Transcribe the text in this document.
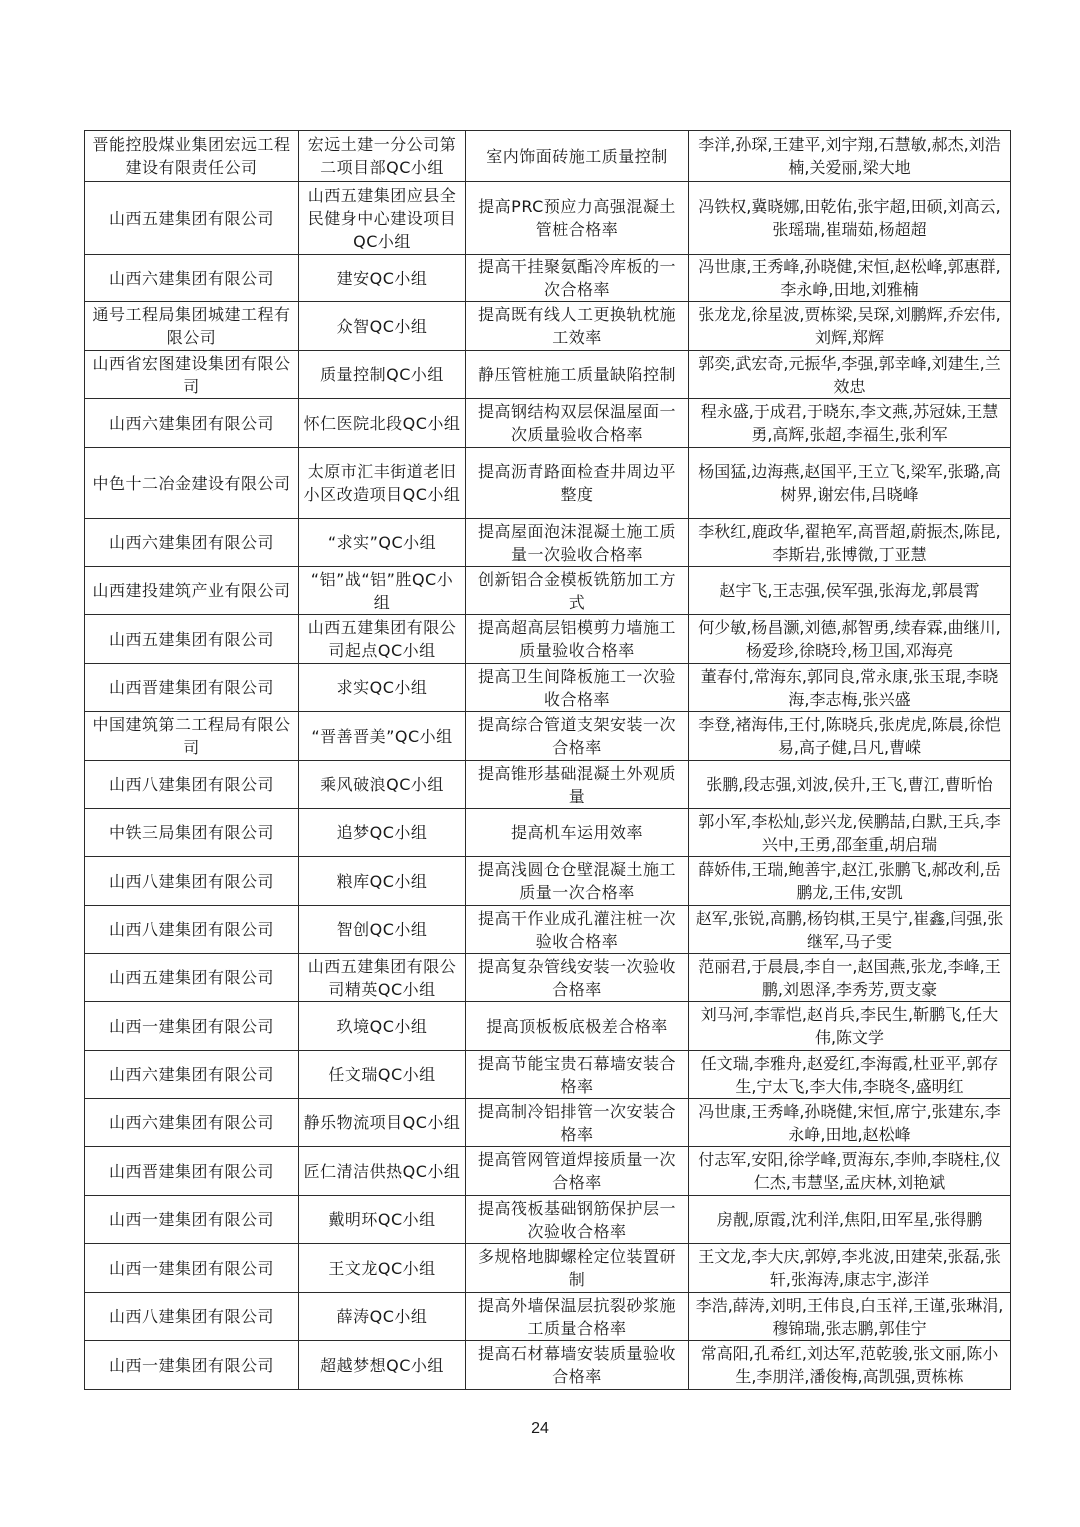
晋能控股煤业集团宏远工程建设有限责任公司	宏远土建一分公司第二项目部QC小组	室内饰面砖施工质量控制	李洋,孙琛,王建平,刘宇翔,石慧敏,郝杰,刘浩楠,关爱丽,梁大地
山西五建集团有限公司	山西五建集团应县全民健身中心建设项目QC小组	提高PRC预应力高强混凝土管桩合格率	冯铁权,冀晓娜,田乾佑,张宇超,田硕,刘高云,张瑶瑞,崔瑞茹,杨超超
山西六建集团有限公司	建安QC小组	提高干挂聚氨酯冷库板的一次合格率	冯世康,王秀峰,孙晓健,宋恒,赵松峰,郭惠群,李永峥,田地,刘雅楠
通号工程局集团城建工程有限公司	众智QC小组	提高既有线人工更换轨枕施工效率	张龙龙,徐星波,贾栋梁,吴琛,刘鹏辉,乔宏伟,刘辉,郑辉
山西省宏图建设集团有限公司	质量控制QC小组	静压管桩施工质量缺陷控制	郭奕,武宏奇,元振华,李强,郭幸峰,刘建生,兰效忠
山西六建集团有限公司	怀仁医院北段QC小组	提高钢结构双层保温屋面一次质量验收合格率	程永盛,于成君,于晓东,李文燕,苏冠妹,王慧勇,高辉,张超,李福生,张利军
中色十二冶金建设有限公司	太原市汇丰街道老旧小区改造项目QC小组	提高沥青路面检查井周边平整度	杨国猛,边海燕,赵国平,王立飞,梁军,张璐,高树界,谢宏伟,吕晓峰
山西六建集团有限公司	“求实”QC小组	提高屋面泡沫混凝土施工质量一次验收合格率	李秋红,鹿政华,翟艳军,高晋超,蔚振杰,陈昆,李斯岩,张博微,丁亚慧
山西建投建筑产业有限公司	“铝”战“铝”胜QC小组	创新铝合金模板铣筋加工方式	赵宇飞,王志强,侯军强,张海龙,郭晨霄
山西五建集团有限公司	山西五建集团有限公司起点QC小组	提高超高层铝模剪力墙施工质量验收合格率	何少敏,杨昌灏,刘德,郝智勇,续春霖,曲继川,杨爱珍,徐晓玲,杨卫国,邓海亮
山西晋建集团有限公司	求实QC小组	提高卫生间降板施工一次验收合格率	董春付,常海东,郭同良,常永康,张玉琨,李晓海,李志梅,张兴盛
中国建筑第二工程局有限公司	“晋善晋美”QC小组	提高综合管道支架安装一次合格率	李登,褚海伟,王付,陈晓兵,张虎虎,陈晨,徐恺易,高子健,吕凡,曹嵘
山西八建集团有限公司	乘风破浪QC小组	提高锥形基础混凝土外观质量	张鹏,段志强,刘波,侯升,王飞,曹江,曹昕怡
中铁三局集团有限公司	追梦QC小组	提高机车运用效率	郭小军,李松灿,彭兴龙,侯鹏喆,白默,王兵,李兴中,王勇,邵奎重,胡启瑞
山西八建集团有限公司	粮库QC小组	提高浅圆仓仓壁混凝土施工质量一次合格率	薛娇伟,王瑞,鲍善宇,赵江,张鹏飞,郝改利,岳鹏龙,王伟,安凯
山西八建集团有限公司	智创QC小组	提高干作业成孔灌注桩一次验收合格率	赵军,张锐,高鹏,杨钧棋,王昊宁,崔鑫,闫强,张继军,马子雯
山西五建集团有限公司	山西五建集团有限公司精英QC小组	提高复杂管线安装一次验收合格率	范丽君,于晨晨,李自一,赵国燕,张龙,李峰,王鹏,刘恩泽,李秀芳,贾支豪
山西一建集团有限公司	玖境QC小组	提高顶板板底极差合格率	刘马河,李霏恺,赵肖兵,李民生,靳鹏飞,任大伟,陈文学
山西六建集团有限公司	任文瑞QC小组	提高节能宝贵石幕墙安装合格率	任文瑞,李雅舟,赵爱红,李海霞,杜亚平,郭存生,宁太飞,李大伟,李晓冬,盛明红
山西六建集团有限公司	静乐物流项目QC小组	提高制冷铝排管一次安装合格率	冯世康,王秀峰,孙晓健,宋恒,席宁,张建东,李永峥,田地,赵松峰
山西晋建集团有限公司	匠仁清洁供热QC小组	提高管网管道焊接质量一次合格率	付志军,安阳,徐学峰,贾海东,李帅,李晓柱,仪仁杰,韦慧坚,孟庆林,刘艳斌
山西一建集团有限公司	戴明环QC小组	提高筏板基础钢筋保护层一次验收合格率	房靓,原霞,沈利洋,焦阳,田军星,张得鹏
山西一建集团有限公司	王文龙QC小组	多规格地脚螺栓定位装置研制	王文龙,李大庆,郭婷,李兆波,田建荣,张磊,张轩,张海涛,康志宇,澎洋
山西八建集团有限公司	薛涛QC小组	提高外墙保温层抗裂砂浆施工质量合格率	李浩,薛涛,刘明,王伟良,白玉祥,王谨,张琳涓,穆锦瑞,张志鹏,郭佳宁
山西一建集团有限公司	超越梦想QC小组	提高石材幕墙安装质量验收合格率	常高阳,孔希红,刘达军,范乾骏,张文丽,陈小生,李朋洋,潘俊梅,高凯强,贾栋栋
24
